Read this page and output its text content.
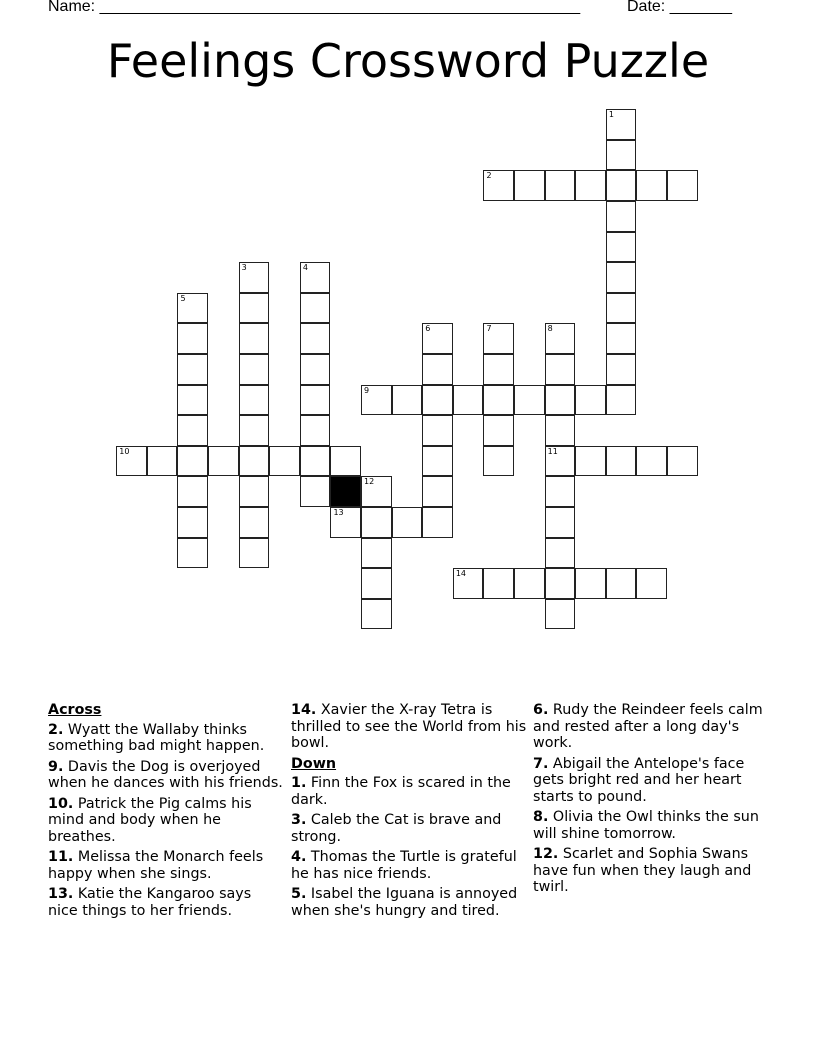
Name: ______________________________________________________	Date: _______
Feelings Crossword Puzzle
1
2
3	4
5
6	7	8
11
9
10
12
13
14
Across
2. Wyatt the Wallaby thinks something bad might happen.
9. Davis the Dog is overjoyed when he dances with his friends.
10. Patrick the Pig calms his mind and body when he breathes.
11. Melissa the Monarch feels happy when she sings.
13. Katie the Kangaroo says nice things to her friends.
14. Xavier the X-ray Tetra is thrilled to see the World from his bowl.
Down
1. Finn the Fox is scared in the dark.
3. Caleb the Cat is brave and strong.
4. Thomas the Turtle is grateful he has nice friends.
5. Isabel the Iguana is annoyed when she's hungry and tired.
6. Rudy the Reindeer feels calm and rested after a long day's work.
7. Abigail the Antelope's face gets bright red and her heart starts to pound.
8. Olivia the Owl thinks the sun will shine tomorrow.
12. Scarlet and Sophia Swans have fun when they laugh and twirl.
